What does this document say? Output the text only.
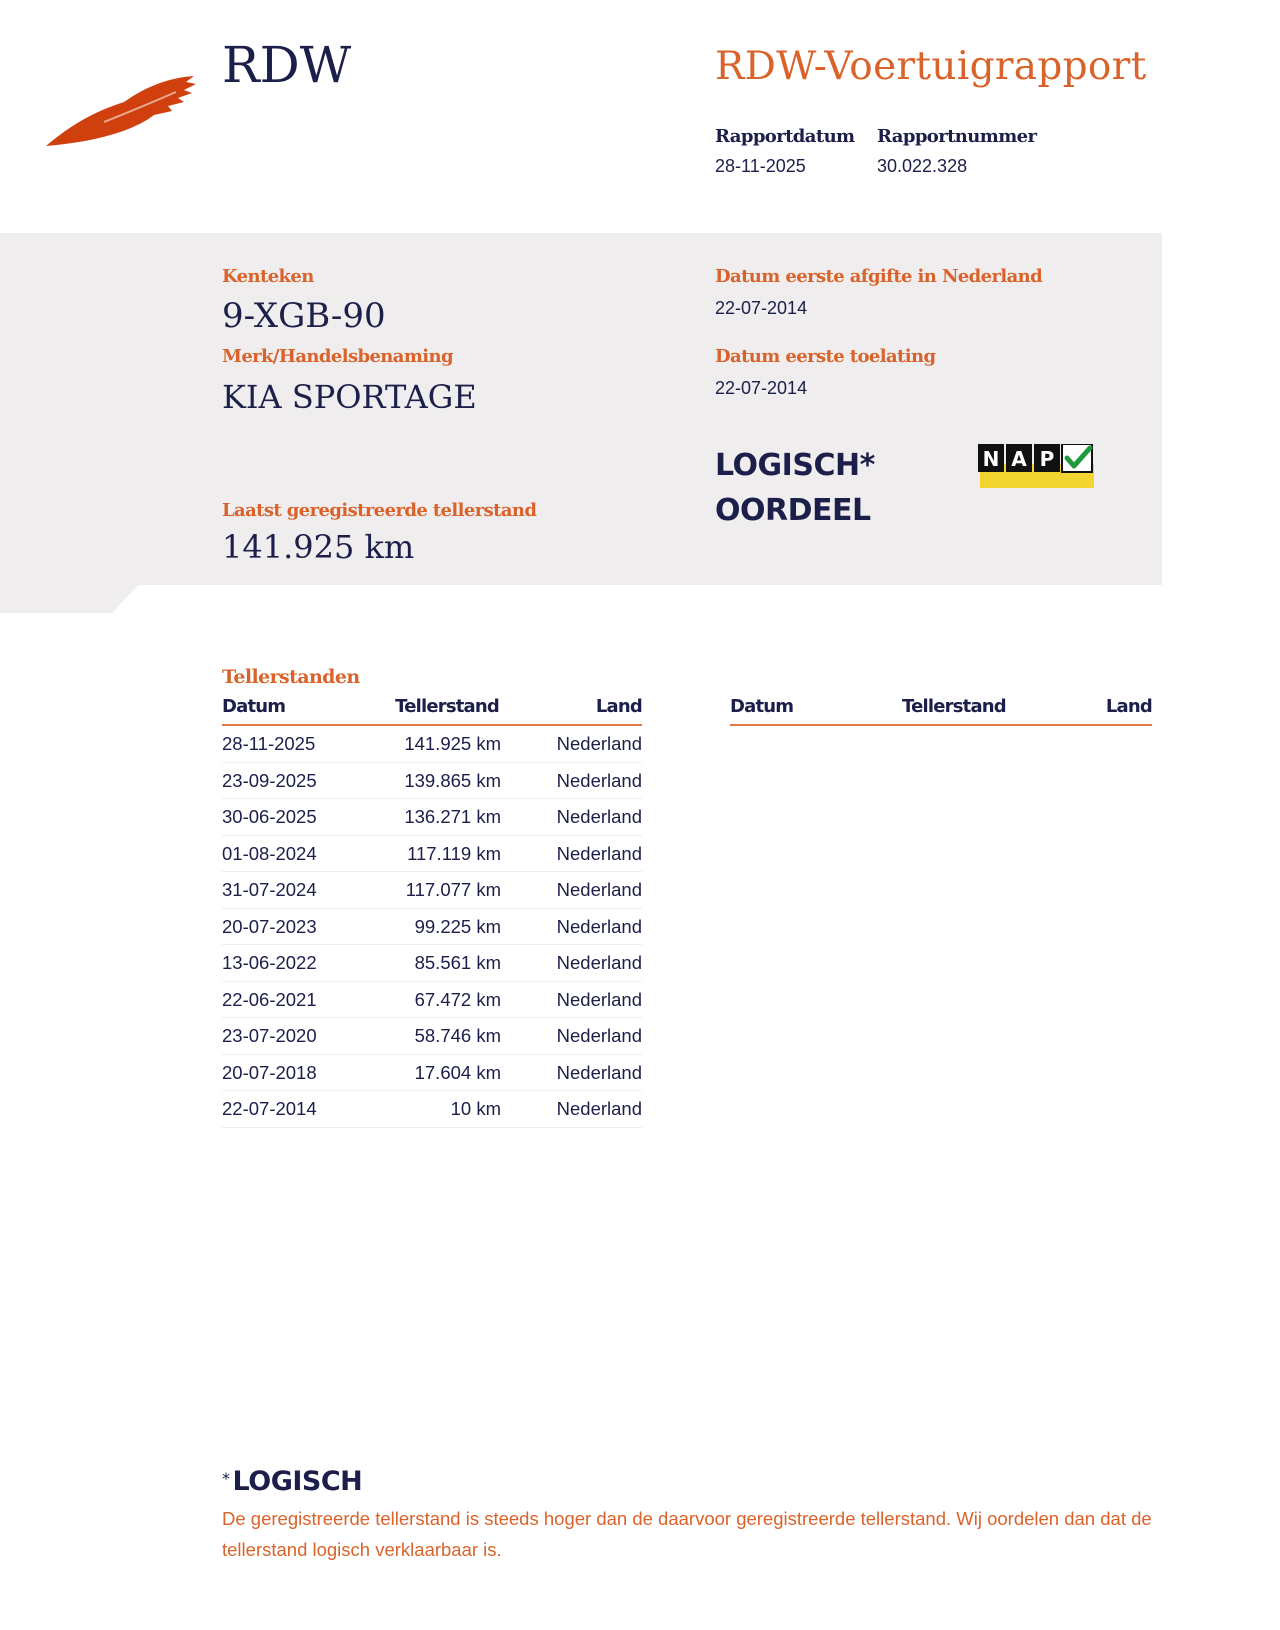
RDW	RDW-Voertuigrapport
Rapportdatum Rapportnummer
28-11-2025	30.022.328
Kenteken
9-XGB-90
Merk/Handelsbenaming
KIA SPORTAGE
Laatst geregistreerde tellerstand
141.925 km
Datum eerste afgifte in Nederland
22-07-2014
Datum eerste toelating
22-07-2014
LOGISCH*
OORDEEL
N A P
Tellerstanden
Datum	Tellerstand	Land
28-11-2025	141.925 km	Nederland
23-09-2025	139.865 km	Nederland
30-06-2025	136.271 km	Nederland
01-08-2024	117.119 km	Nederland
31-07-2024	117.077 km	Nederland
20-07-2023	99.225 km	Nederland
13-06-2022	85.561 km	Nederland
22-06-2021	67.472 km	Nederland
23-07-2020	58.746 km	Nederland
20-07-2018	17.604 km	Nederland
22-07-2014	10 km	Nederland
Datum	Tellerstand	Land
* LOGISCH
De geregistreerde tellerstand is steeds hoger dan de daarvoor geregistreerde tellerstand. Wij oordelen dan dat de tellerstand logisch verklaarbaar is.
